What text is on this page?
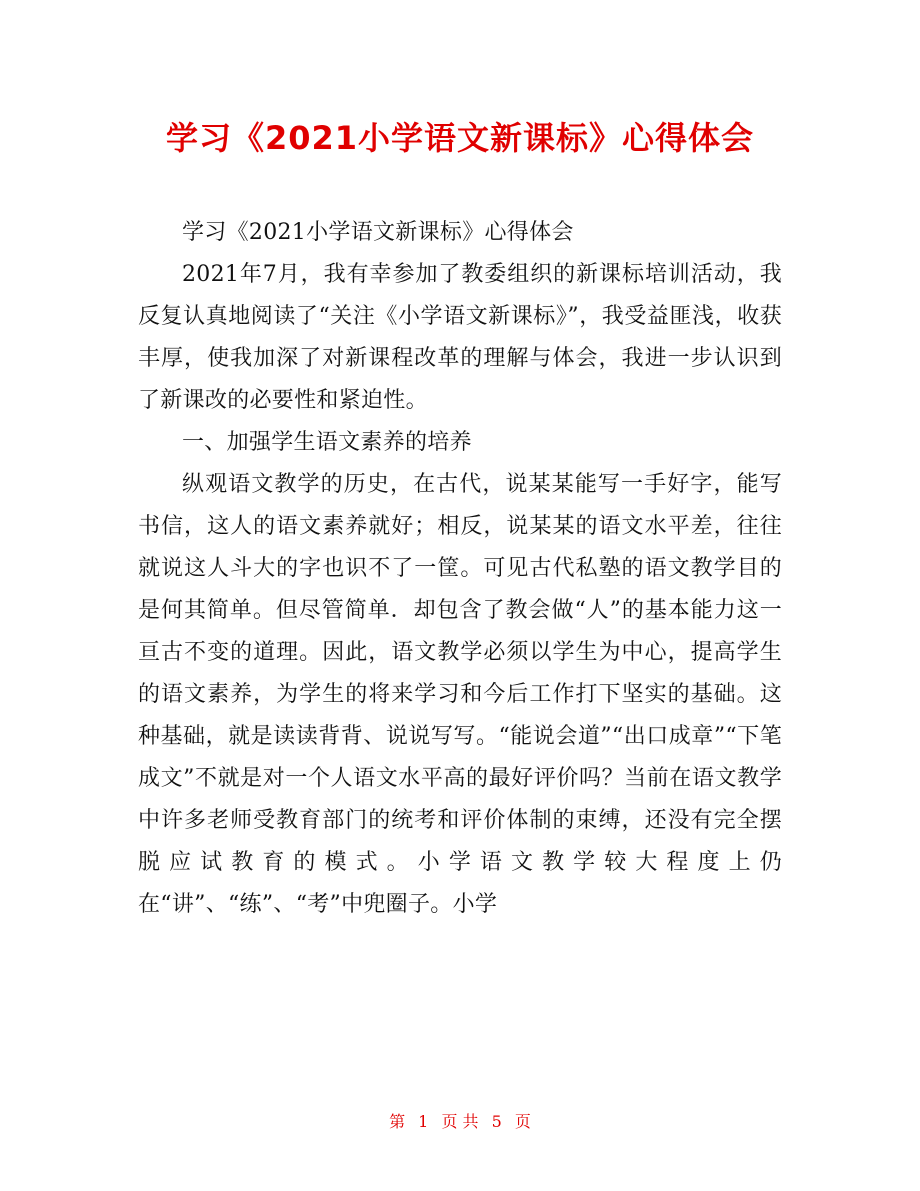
学习《2021小学语文新课标》心得体会

学习《2021小学语文新课标》心得体会

2021年7月，我有幸参加了教委组织的新课标培训活动，我反复认真地阅读了“关注《小学语文新课标》”，我受益匪浅，收获丰厚，使我加深了对新课程改革的理解与体会，我进一步认识到了新课改的必要性和紧迫性。

一、加强学生语文素养的培养

纵观语文教学的历史，在古代，说某某能写一手好字，能写书信，这人的语文素养就好；相反，说某某的语文水平差，往往就说这人斗大的字也识不了一筐。可见古代私塾的语文教学目的是何其简单。但尽管简单．却包含了教会做“人”的基本能力这一亘古不变的道理。因此，语文教学必须以学生为中心，提高学生的语文素养，为学生的将来学习和今后工作打下坚实的基础。这种基础，就是读读背背、说说写写。“能说会道”“出口成章”“下笔成文”不就是对一个人语文水平高的最好评价吗？当前在语文教学中许多老师受教育部门的统考和评价体制的束缚，还没有完全摆脱应试教育的模式。小学语文教学较大程度上仍在“讲”、“练”、“考”中兜圈子。小学

第 1 页 共 5 页
